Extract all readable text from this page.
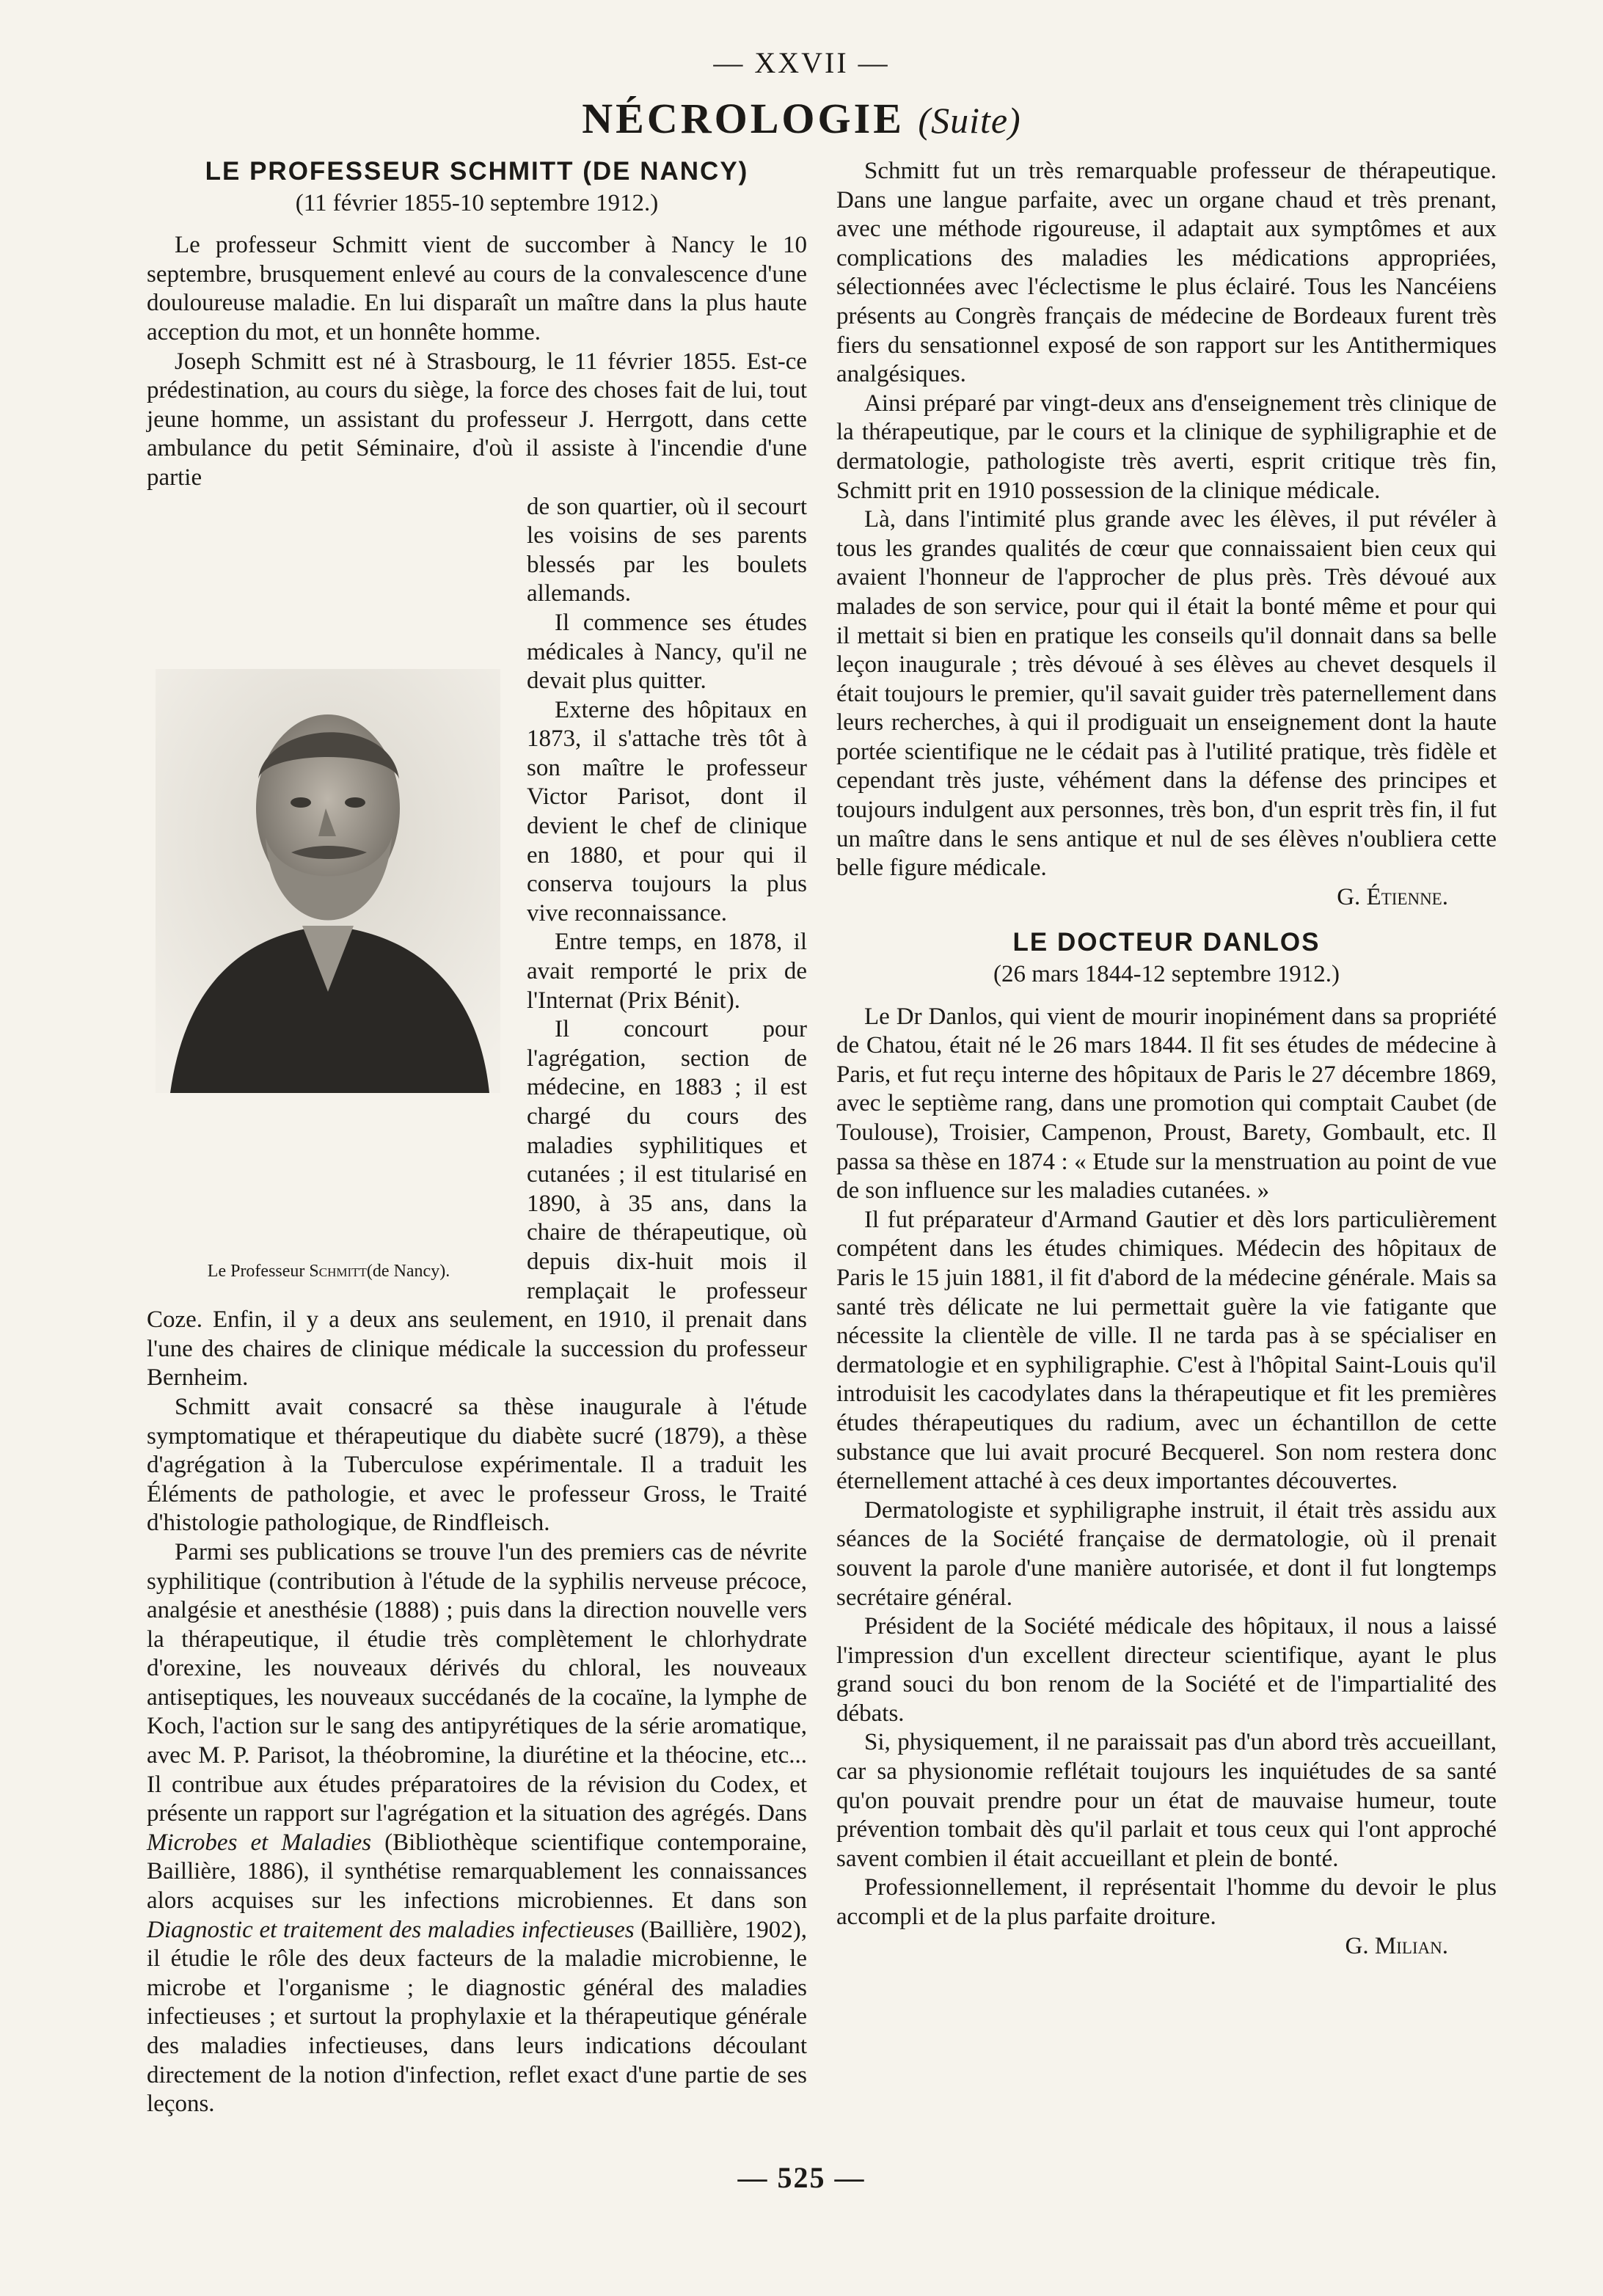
— XXVII —
NÉCROLOGIE (Suite)
LE PROFESSEUR SCHMITT (DE NANCY)
(11 février 1855-10 septembre 1912.)

Le professeur Schmitt vient de succomber à Nancy le 10 septembre, brusquement enlevé au cours de la convalescence d'une douloureuse maladie. En lui disparaît un maître dans la plus haute acception du mot, et un honnête homme.

Joseph Schmitt est né à Strasbourg, le 11 février 1855. Est-ce prédestination, au cours du siège, la force des choses fait de lui, tout jeune homme, un assistant du professeur J. Herrgott, dans cette ambulance du petit Séminaire, d'où il assiste à l'incendie d'une partie

Le Professeur Schmitt(de Nancy).

de son quartier, où il secourt les voisins de ses parents blessés par les boulets allemands.

Il commence ses études médicales à Nancy, qu'il ne devait plus quitter.

Externe des hôpitaux en 1873, il s'attache très tôt à son maître le professeur Victor Parisot, dont il devient le chef de clinique en 1880, et pour qui il conserva toujours la plus vive reconnaissance.

Entre temps, en 1878, il avait remporté le prix de l'Internat (Prix Bénit).

Il concourt pour l'agrégation, section de médecine, en 1883 ; il est chargé du cours des maladies syphilitiques et cutanées ; il est titularisé en 1890, à 35 ans, dans la chaire de thérapeutique, où depuis dix-huit mois il remplaçait le professeur Coze. Enfin, il y a deux ans seulement, en 1910, il prenait dans l'une des chaires de clinique médicale la succession du professeur Bernheim.

Schmitt avait consacré sa thèse inaugurale à l'étude symptomatique et thérapeutique du diabète sucré (1879), a thèse d'agrégation à la Tuberculose expérimentale. Il a traduit les Éléments de pathologie, et avec le professeur Gross, le Traité d'histologie pathologique, de Rindfleisch.

Parmi ses publications se trouve l'un des premiers cas de névrite syphilitique (contribution à l'étude de la syphilis nerveuse précoce, analgésie et anesthésie (1888) ; puis dans la direction nouvelle vers la thérapeutique, il étudie très complètement le chlorhydrate d'orexine, les nouveaux dérivés du chloral, les nouveaux antiseptiques, les nouveaux succédanés de la cocaïne, la lymphe de Koch, l'action sur le sang des antipyrétiques de la série aromatique, avec M. P. Parisot, la théobromine, la diurétine et la théocine, etc... Il contribue aux études préparatoires de la révision du Codex, et présente un rapport sur l'agrégation et la situation des agrégés. Dans Microbes et Maladies (Bibliothèque scientifique contemporaine, Baillière, 1886), il synthétise remarquablement les connaissances alors acquises sur les infections microbiennes. Et dans son Diagnostic et traitement des maladies infectieuses (Baillière, 1902), il étudie le rôle des deux facteurs de la maladie microbienne, le microbe et l'organisme ; le diagnostic général des maladies infectieuses ; et surtout la prophylaxie et la thérapeutique générale des maladies infectieuses, dans leurs indications découlant directement de la notion d'infection, reflet exact d'une partie de ses leçons.

Schmitt fut un très remarquable professeur de thérapeutique. Dans une langue parfaite, avec un organe chaud et très prenant, avec une méthode rigoureuse, il adaptait aux symptômes et aux complications des maladies les médications appropriées, sélectionnées avec l'éclectisme le plus éclairé. Tous les Nancéiens présents au Congrès français de médecine de Bordeaux furent très fiers du sensationnel exposé de son rapport sur les Antithermiques analgésiques.

Ainsi préparé par vingt-deux ans d'enseignement très clinique de la thérapeutique, par le cours et la clinique de syphiligraphie et de dermatologie, pathologiste très averti, esprit critique très fin, Schmitt prit en 1910 possession de la clinique médicale.

Là, dans l'intimité plus grande avec les élèves, il put révéler à tous les grandes qualités de cœur que connaissaient bien ceux qui avaient l'honneur de l'approcher de plus près. Très dévoué aux malades de son service, pour qui il était la bonté même et pour qui il mettait si bien en pratique les conseils qu'il donnait dans sa belle leçon inaugurale ; très dévoué à ses élèves au chevet desquels il était toujours le premier, qu'il savait guider très paternellement dans leurs recherches, à qui il prodiguait un enseignement dont la haute portée scientifique ne le cédait pas à l'utilité pratique, très fidèle et cependant très juste, véhément dans la défense des principes et toujours indulgent aux personnes, très bon, d'un esprit très fin, il fut un maître dans le sens antique et nul de ses élèves n'oubliera cette belle figure médicale.

G. Étienne.
LE DOCTEUR DANLOS
(26 mars 1844-12 septembre 1912.)

Le Dr Danlos, qui vient de mourir inopinément dans sa propriété de Chatou, était né le 26 mars 1844. Il fit ses études de médecine à Paris, et fut reçu interne des hôpitaux de Paris le 27 décembre 1869, avec le septième rang, dans une promotion qui comptait Caubet (de Toulouse), Troisier, Campenon, Proust, Barety, Gombault, etc. Il passa sa thèse en 1874 : « Etude sur la menstruation au point de vue de son influence sur les maladies cutanées. »

Il fut préparateur d'Armand Gautier et dès lors particulièrement compétent dans les études chimiques. Médecin des hôpitaux de Paris le 15 juin 1881, il fit d'abord de la médecine générale. Mais sa santé très délicate ne lui permettait guère la vie fatigante que nécessite la clientèle de ville. Il ne tarda pas à se spécialiser en dermatologie et en syphiligraphie. C'est à l'hôpital Saint-Louis qu'il introduisit les cacodylates dans la thérapeutique et fit les premières études thérapeutiques du radium, avec un échantillon de cette substance que lui avait procuré Becquerel. Son nom restera donc éternellement attaché à ces deux importantes découvertes.

Dermatologiste et syphiligraphe instruit, il était très assidu aux séances de la Société française de dermatologie, où il prenait souvent la parole d'une manière autorisée, et dont il fut longtemps secrétaire général.

Président de la Société médicale des hôpitaux, il nous a laissé l'impression d'un excellent directeur scientifique, ayant le plus grand souci du bon renom de la Société et de l'impartialité des débats.

Si, physiquement, il ne paraissait pas d'un abord très accueillant, car sa physionomie reflétait toujours les inquiétudes de sa santé qu'on pouvait prendre pour un état de mauvaise humeur, toute prévention tombait dès qu'il parlait et tous ceux qui l'ont approché savent combien il était accueillant et plein de bonté.

Professionnellement, il représentait l'homme du devoir le plus accompli et de la plus parfaite droiture.

G. Milian.
— 525 —
